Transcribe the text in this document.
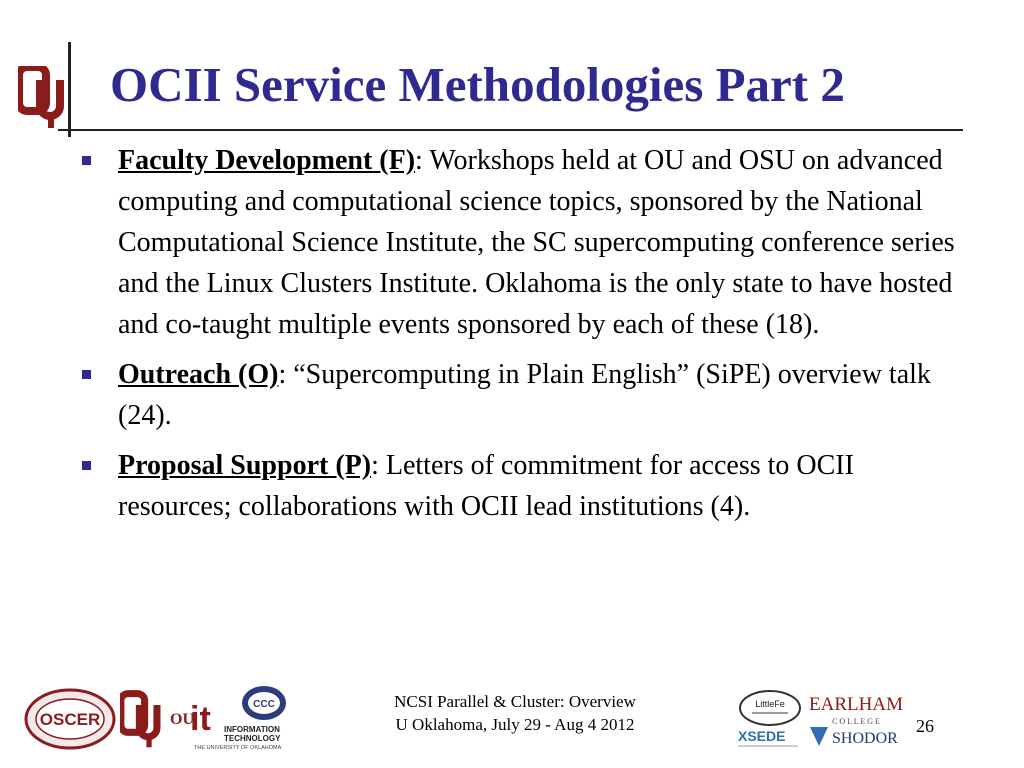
OCII Service Methodologies Part 2
Faculty Development (F): Workshops held at OU and OSU on advanced computing and computational science topics, sponsored by the National Computational Science Institute, the SC supercomputing conference series and the Linux Clusters Institute. Oklahoma is the only state to have hosted and co-taught multiple events sponsored by each of these (18).
Outreach (O): “Supercomputing in Plain English” (SiPE) overview talk (24).
Proposal Support (P): Letters of commitment for access to OCII resources; collaborations with OCII lead institutions (4).
OSCER	OU
it INFORMATION
TECHNOLOGY
THE UNIVERSITY OF OKLAHOMA
CCC	NCSI Parallel & Cluster: Overview
U Oklahoma, July 29 - Aug 4 2012
LittleFe EARLHAM
C O L L E G E
XSEDE	SHODOR
26
